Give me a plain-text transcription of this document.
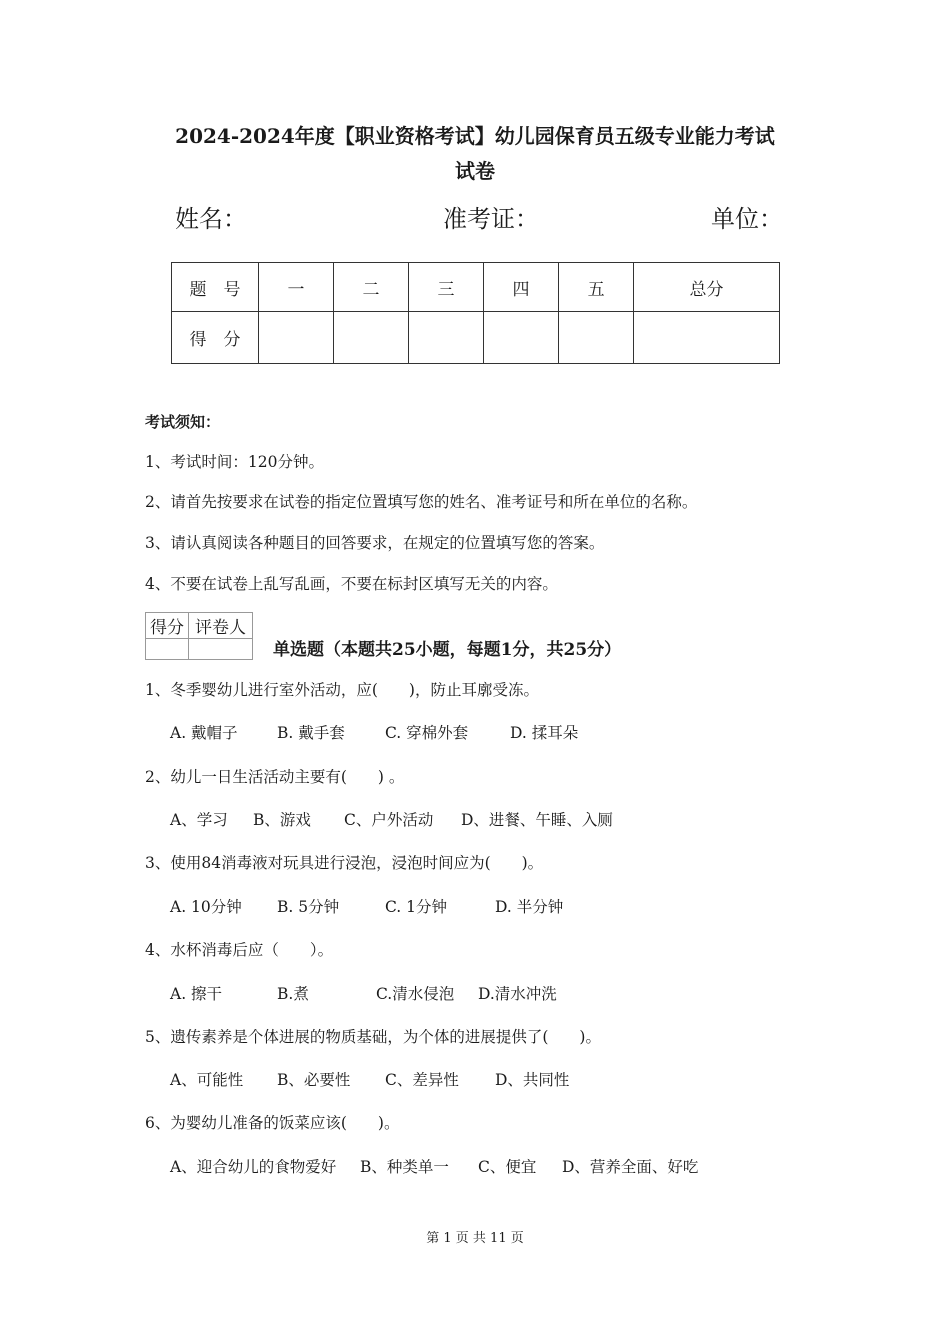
2024-2024年度【职业资格考试】幼儿园保育员五级专业能力考试
试卷
姓名：	准考证：	单位：
题　号	一	二	三	四	五	总分
得　分						
考试须知：
1、考试时间：120分钟。
2、请首先按要求在试卷的指定位置填写您的姓名、准考证号和所在单位的名称。
3、请认真阅读各种题目的回答要求，在规定的位置填写您的答案。
4、不要在试卷上乱写乱画，不要在标封区填写无关的内容。
得分	评卷人

单选题（本题共25小题，每题1分，共25分）
1、冬季婴幼儿进行室外活动，应(　　)，防止耳廓受冻。
A. 戴帽子	B. 戴手套	C. 穿棉外套	D. 揉耳朵
2、幼儿一日生活活动主要有(　　) 。
A、学习 B、游戏 C、户外活动 D、进餐、午睡、入厕
3、使用84消毒液对玩具进行浸泡，浸泡时间应为(　　)。
A. 10分钟 B. 5分钟	C. 1分钟	D. 半分钟
4、水杯消毒后应（　　）。
A. 擦干	B.煮	C.清水侵泡 D.清水冲洗
5、遗传素养是个体进展的物质基础，为个体的进展提供了(　　)。
A、可能性 B、必要性 C、差异性 D、共同性
6、为婴幼儿准备的饭菜应该(　　)。
A、迎合幼儿的食物爱好 B、种类单一 C、便宜 D、营养全面、好吃
第 1 页 共 11 页
